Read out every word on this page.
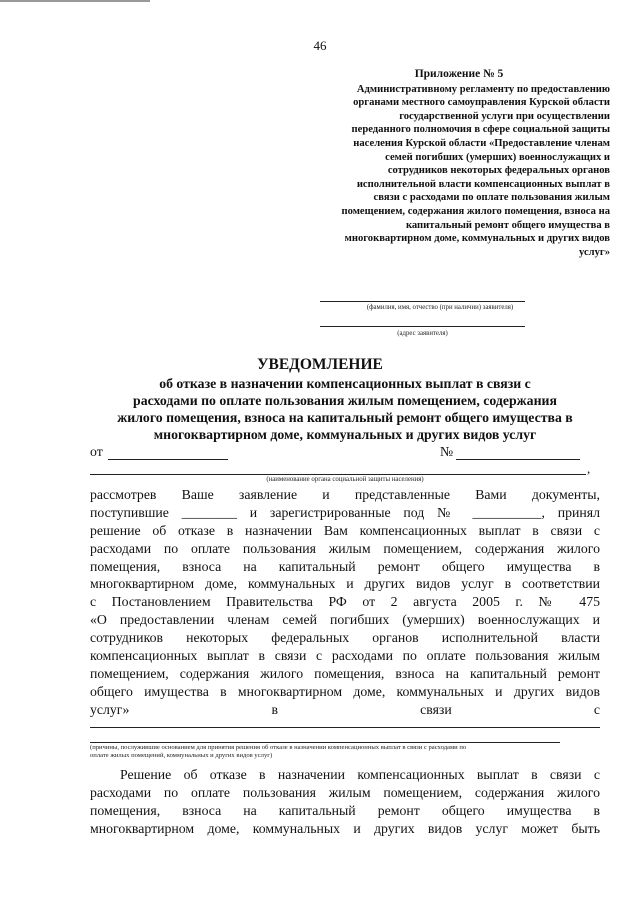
46
Приложение № 5
Административному регламенту по предоставлению
органами местного самоуправления Курской области
государственной услуги при осуществлении
переданного полномочия в сфере социальной защиты
населения Курской области «Предоставление членам
семей погибших (умерших) военнослужащих и
сотрудников некоторых федеральных органов
исполнительной власти компенсационных выплат в
связи с расходами по оплате пользования жилым
помещением, содержания жилого помещения, взноса на
капитальный ремонт общего имущества в
многоквартирном доме, коммунальных и других видов
услуг»
(фамилия, имя, отчество (при наличии) заявителя)
(адрес заявителя)
УВЕДОМЛЕНИЕ
об отказе в назначении компенсационных выплат в связи с
расходами по оплате пользования жилым помещением, содержания
жилого помещения, взноса на капитальный ремонт общего имущества в
многоквартирном доме, коммунальных и других видов услуг
от	№
,
(наименование органа социальной защиты населения)
рассмотрев Ваше заявление и представленные Вами документы,
поступившие ________ и зарегистрированные под № __________, принял
решение об отказе в назначении Вам компенсационных выплат в связи с
расходами по оплате пользования жилым помещением, содержания жилого
помещения, взноса на капитальный ремонт общего имущества в
многоквартирном доме, коммунальных и других видов услуг в соответствии
с Постановлением Правительства РФ от 2 августа 2005 г. № 475
«О предоставлении членам семей погибших (умерших) военнослужащих и
сотрудников некоторых федеральных органов исполнительной власти
компенсационных выплат в связи с расходами по оплате пользования жилым
помещением, содержания жилого помещения, взноса на капитальный ремонт
общего имущества в многоквартирном доме, коммунальных и других видов
услуг» в связи с
(причины, послужившие основанием для принятия решения об отказе в назначении компенсационных выплат в связи с расходами по
оплате жилых помещений, коммунальных и других видов услуг)
Решение об отказе в назначении компенсационных выплат в связи с
расходами по оплате пользования жилым помещением, содержания жилого
помещения, взноса на капитальный ремонт общего имущества в
многоквартирном доме, коммунальных и других видов услуг может быть
